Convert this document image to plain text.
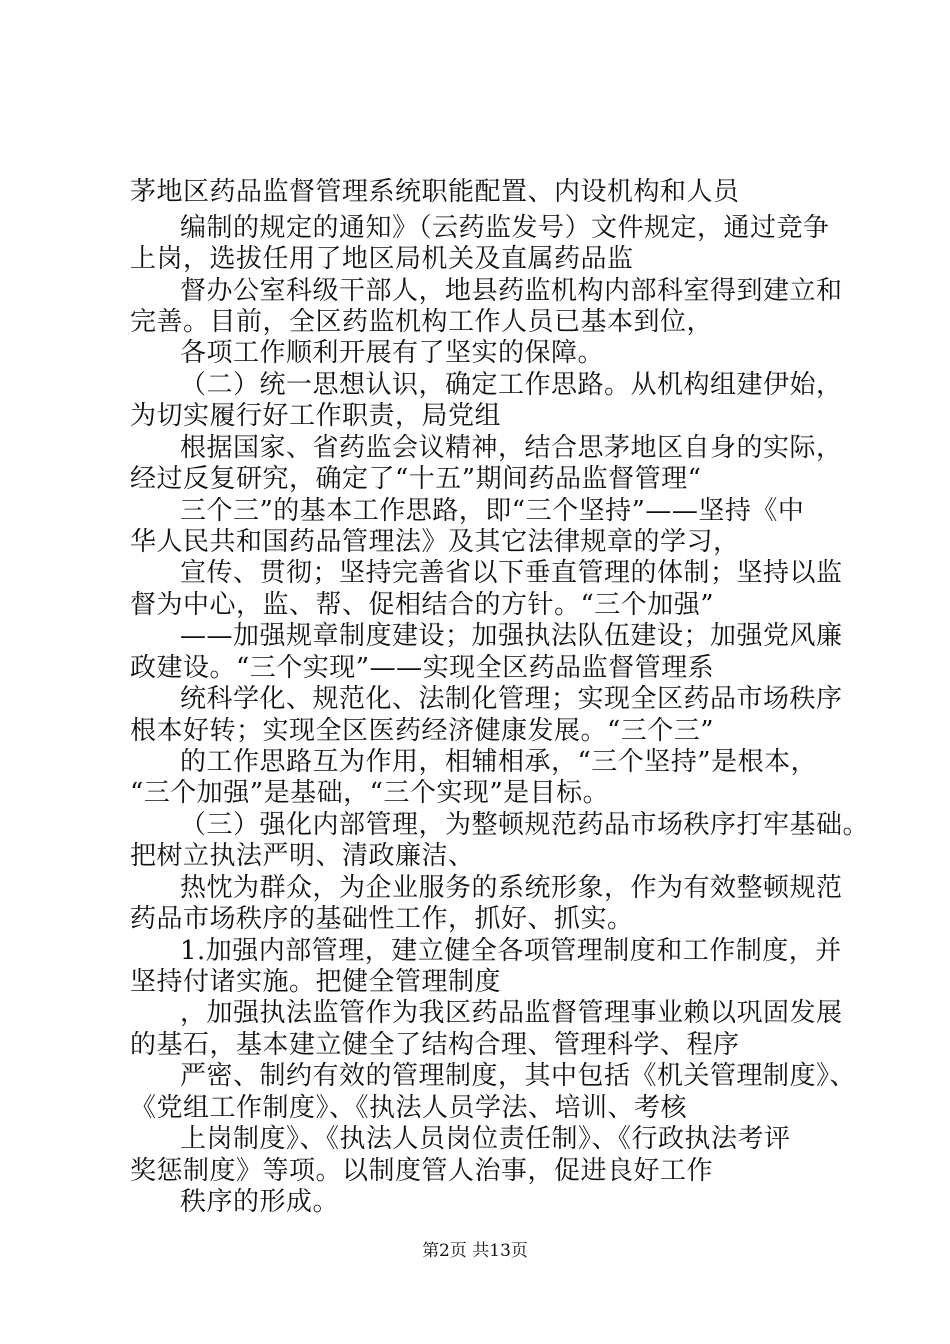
茅地区药品监督管理系统职能配置、内设机构和人员
编制的规定的通知》（云药监发号）文件规定，通过竞争
上岗，选拔任用了地区局机关及直属药品监
督办公室科级干部人，地县药监机构内部科室得到建立和
完善。目前，全区药监机构工作人员已基本到位，
各项工作顺利开展有了坚实的保障。
（二）统一思想认识，确定工作思路。从机构组建伊始，
为切实履行好工作职责，局党组
根据国家、省药监会议精神，结合思茅地区自身的实际，
经过反复研究，确定了“十五”期间药品监督管理“
三个三”的基本工作思路，即“三个坚持”——坚持《中
华人民共和国药品管理法》及其它法律规章的学习，
宣传、贯彻；坚持完善省以下垂直管理的体制；坚持以监
督为中心，监、帮、促相结合的方针。“三个加强”
——加强规章制度建设；加强执法队伍建设；加强党风廉
政建设。“三个实现”——实现全区药品监督管理系
统科学化、规范化、法制化管理；实现全区药品市场秩序
根本好转；实现全区医药经济健康发展。“三个三”
的工作思路互为作用，相辅相承，“三个坚持”是根本，
“三个加强”是基础，“三个实现”是目标。
（三）强化内部管理，为整顿规范药品市场秩序打牢基础。
把树立执法严明、清政廉洁、
热忱为群众，为企业服务的系统形象，作为有效整顿规范
药品市场秩序的基础性工作，抓好、抓实。
1.加强内部管理，建立健全各项管理制度和工作制度，并
坚持付诸实施。把健全管理制度
，加强执法监管作为我区药品监督管理事业赖以巩固发展
的基石，基本建立健全了结构合理、管理科学、程序
严密、制约有效的管理制度，其中包括《机关管理制度》、
《党组工作制度》、《执法人员学法、培训、考核
上岗制度》、《执法人员岗位责任制》、《行政执法考评
奖惩制度》等项。以制度管人治事，促进良好工作
秩序的形成。
第2页 共13页
